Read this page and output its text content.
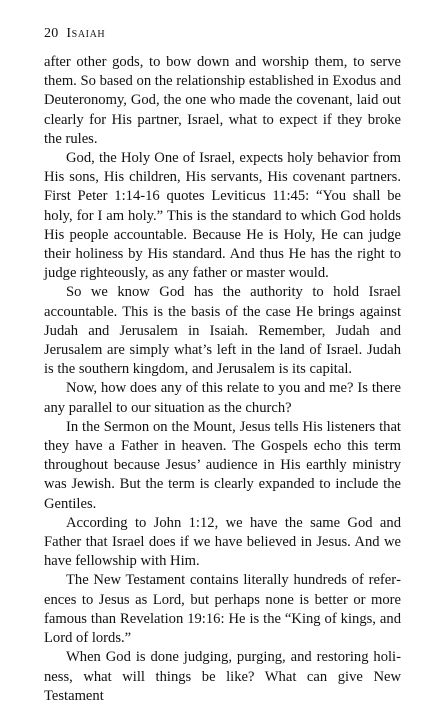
20 Isaiah

after other gods, to bow down and worship them, to serve them. So based on the relationship established in Exodus and Deuteronomy, God, the one who made the covenant, laid out clearly for His partner, Israel, what to expect if they broke the rules.

God, the Holy One of Israel, expects holy behavior from His sons, His children, His servants, His covenant partners. First Peter 1:14-16 quotes Leviticus 11:45: “You shall be holy, for I am holy.” This is the standard to which God holds His people accountable. Because He is Holy, He can judge their holiness by His standard. And thus He has the right to judge righteously, as any father or master would.

So we know God has the authority to hold Israel accountable. This is the basis of the case He brings against Judah and Jerusalem in Isaiah. Remember, Judah and Jerusalem are simply what’s left in the land of Israel. Judah is the southern kingdom, and Jerusalem is its capital.

Now, how does any of this relate to you and me? Is there any parallel to our situation as the church?

In the Sermon on the Mount, Jesus tells His listeners that they have a Father in heaven. The Gospels echo this term throughout because Jesus’ audience in His earthly ministry was Jewish. But the term is clearly expanded to include the Gentiles.

According to John 1:12, we have the same God and Father that Israel does if we have believed in Jesus. And we have fellowship with Him.

The New Testament contains literally hundreds of references to Jesus as Lord, but perhaps none is better or more famous than Revelation 19:16: He is the “King of kings, and Lord of lords.”

When God is done judging, purging, and restoring holiness, what will things be like? What can give New Testament
